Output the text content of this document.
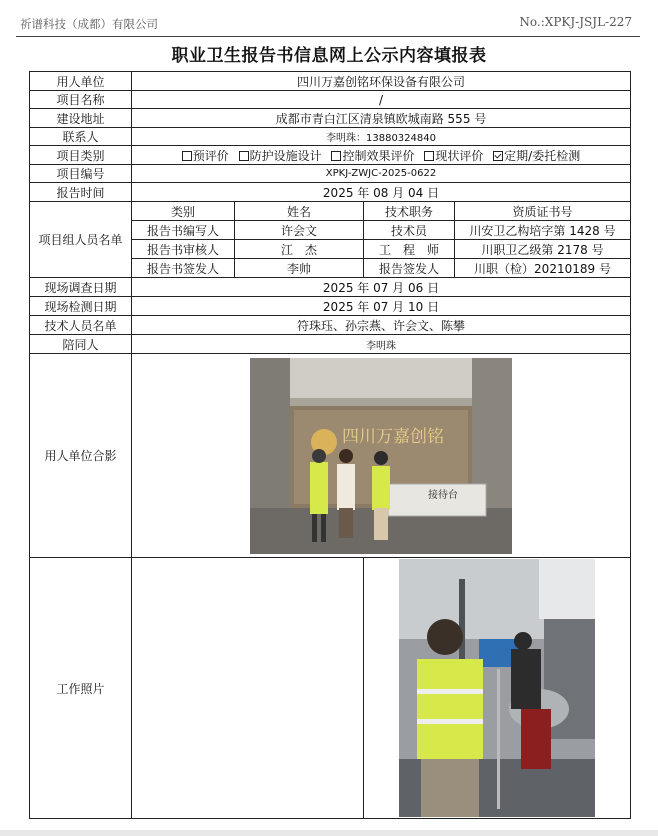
祈谱科技（成都）有限公司	No.:XPKJ-JSJL-227
职业卫生报告书信息网上公示内容填报表
用人单位	四川万嘉创铭环保设备有限公司			
项目名称	/			
建设地址	成都市青白江区清泉镇欧城南路 555 号			
联系人	李明珠：13880324840			
项目类别	预评价 防护设施设计 控制效果评价 现状评价 定期/委托检测			
项目编号	XPKJ-ZWJC-2025-0622			
报告时间	2025 年 08 月 04 日			
项目组人员名单	类别	姓名	技术职务	资质证书号
	报告书编写人	许会文	技术员	川安卫乙构培字第 1428 号
	报告书审核人	江　杰	工　程　师	川职卫乙级第 2178 号
	报告书签发人	李帅	报告签发人	川职（检）20210189 号
现场调查日期	2025 年 07 月 06 日			
现场检测日期	2025 年 07 月 10 日			
技术人员名单	符珠珏、孙宗燕、许会文、陈攀			
陪同人	李明珠			
用人单位合影	四川万嘉创铭
接待台			

工作照片		
